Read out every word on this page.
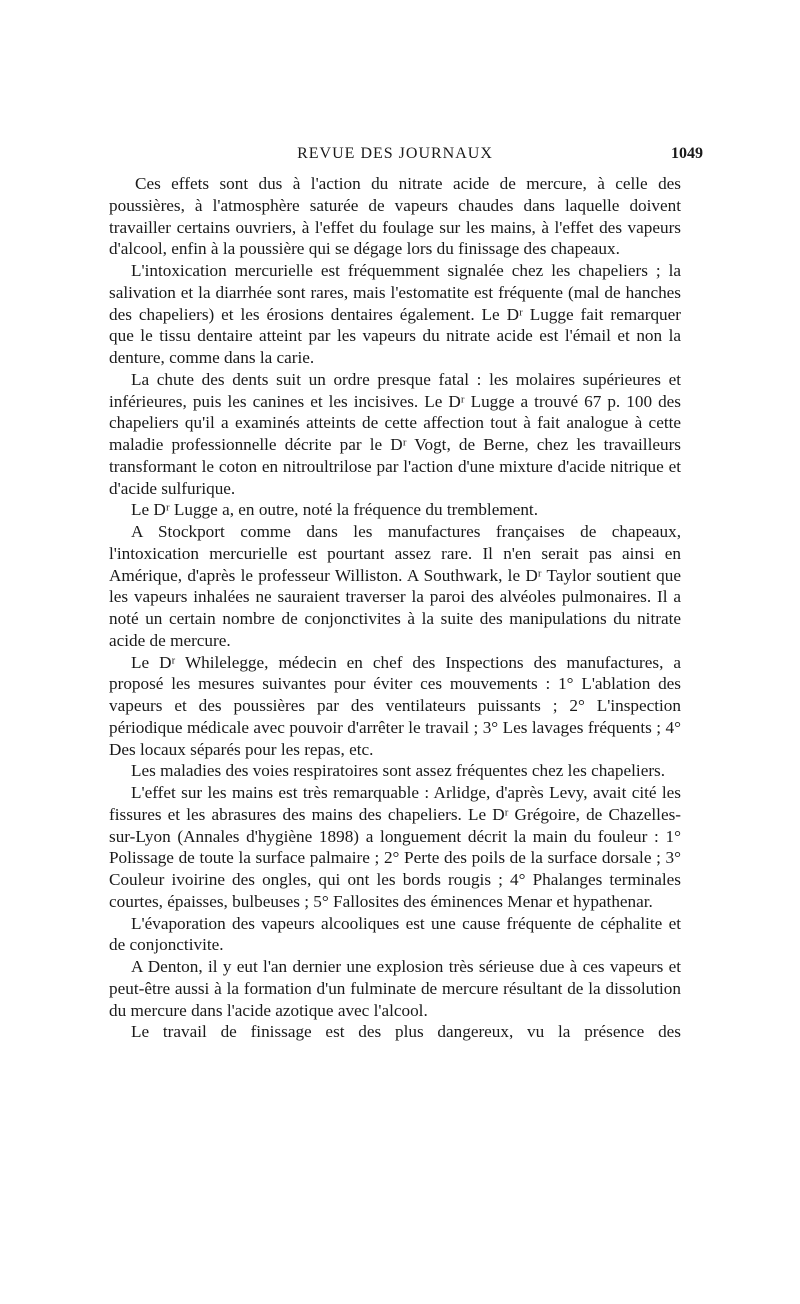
REVUE DES JOURNAUX	1049

Ces effets sont dus à l'action du nitrate acide de mercure, à celle des poussières, à l'atmosphère saturée de vapeurs chaudes dans laquelle doivent travailler certains ouvriers, à l'effet du foulage sur les mains, à l'effet des vapeurs d'alcool, enfin à la poussière qui se dégage lors du finissage des chapeaux.

L'intoxication mercurielle est fréquemment signalée chez les chapeliers ; la salivation et la diarrhée sont rares, mais l'estomatite est fréquente (mal de hanches des chapeliers) et les érosions dentaires également. Le Dʳ Lugge fait remarquer que le tissu dentaire atteint par les vapeurs du nitrate acide est l'émail et non la denture, comme dans la carie.

La chute des dents suit un ordre presque fatal : les molaires supérieures et inférieures, puis les canines et les incisives. Le Dʳ Lugge a trouvé 67 p. 100 des chapeliers qu'il a examinés atteints de cette affection tout à fait analogue à cette maladie professionnelle décrite par le Dʳ Vogt, de Berne, chez les travailleurs transformant le coton en nitroultrilose par l'action d'une mixture d'acide nitrique et d'acide sulfurique.

Le Dʳ Lugge a, en outre, noté la fréquence du tremblement.

A Stockport comme dans les manufactures françaises de chapeaux, l'intoxication mercurielle est pourtant assez rare. Il n'en serait pas ainsi en Amérique, d'après le professeur Williston. A Southwark, le Dʳ Taylor soutient que les vapeurs inhalées ne sauraient traverser la paroi des alvéoles pulmonaires. Il a noté un certain nombre de conjonctivites à la suite des manipulations du nitrate acide de mercure.

Le Dʳ Whilelegge, médecin en chef des Inspections des manufactures, a proposé les mesures suivantes pour éviter ces mouvements : 1° L'ablation des vapeurs et des poussières par des ventilateurs puissants ; 2° L'inspection périodique médicale avec pouvoir d'arrêter le travail ; 3° Les lavages fréquents ; 4° Des locaux séparés pour les repas, etc.

Les maladies des voies respiratoires sont assez fréquentes chez les chapeliers.

L'effet sur les mains est très remarquable : Arlidge, d'après Levy, avait cité les fissures et les abrasures des mains des chapeliers. Le Dʳ Grégoire, de Chazelles-sur-Lyon (Annales d'hygiène 1898) a longuement décrit la main du fouleur : 1° Polissage de toute la surface palmaire ; 2° Perte des poils de la surface dorsale ; 3° Couleur ivoirine des ongles, qui ont les bords rougis ; 4° Phalanges terminales courtes, épaisses, bulbeuses ; 5° Fallosites des éminences Menar et hypathenar.

L'évaporation des vapeurs alcooliques est une cause fréquente de céphalite et de conjonctivite.

A Denton, il y eut l'an dernier une explosion très sérieuse due à ces vapeurs et peut-être aussi à la formation d'un fulminate de mercure résultant de la dissolution du mercure dans l'acide azotique avec l'alcool.

Le travail de finissage est des plus dangereux, vu la présence des
